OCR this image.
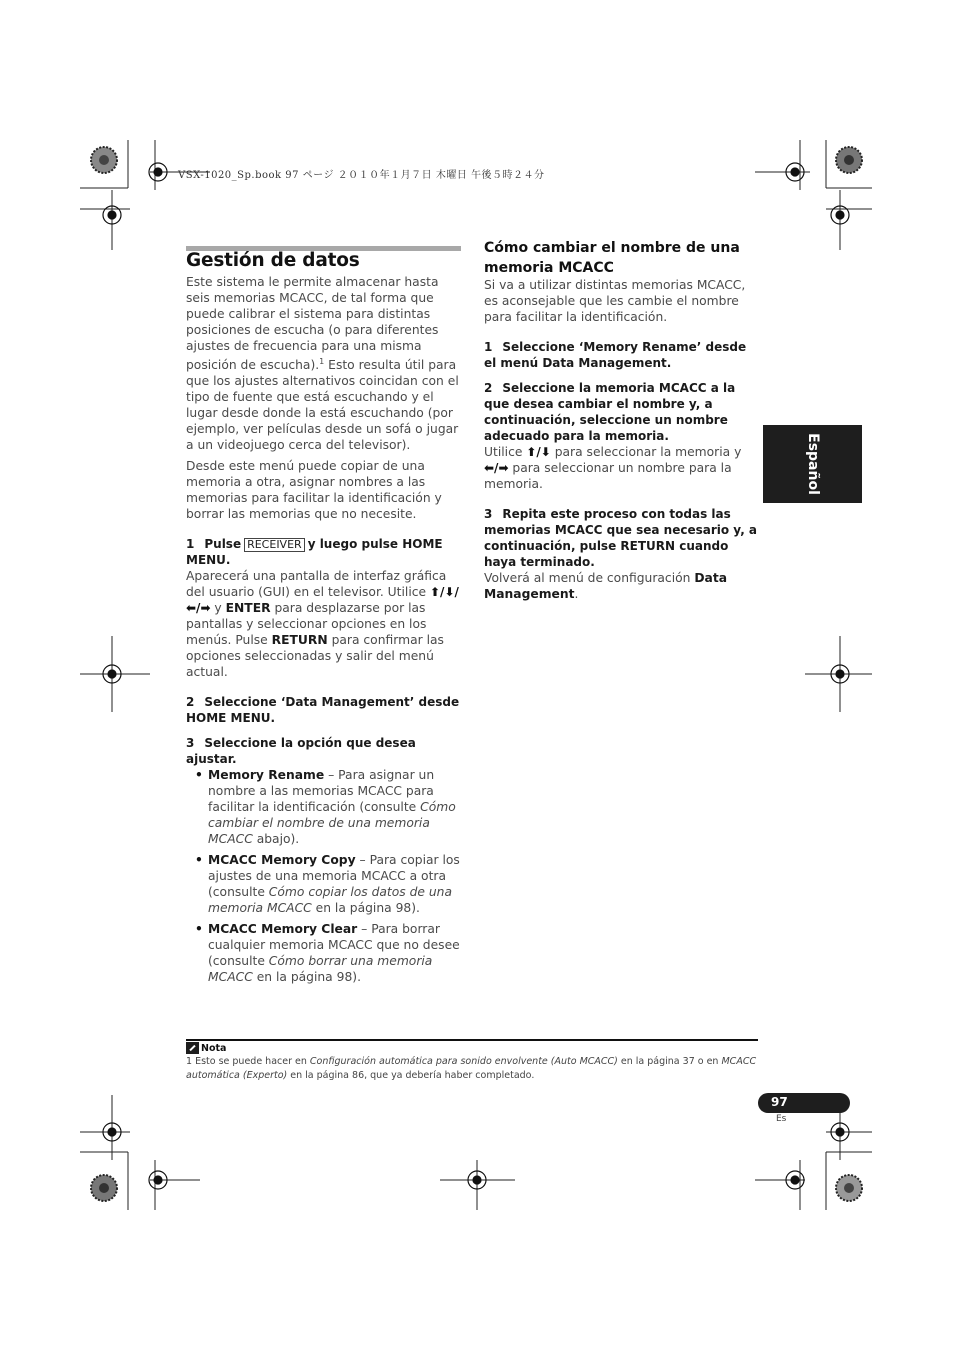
VSX-1020_Sp.book 97 ページ ２０１０年１月７日 木曜日 午後５時２４分
Gestión de datos

Este sistema le permite almacenar hasta seis memorias MCACC, de tal forma que puede calibrar el sistema para distintas posiciones de escucha (o para diferentes ajustes de frecuencia para una misma posición de escucha).$^1$ Esto resulta útil para que los ajustes alternativos coincidan con el tipo de fuente que está escuchando y el lugar desde donde la está escuchando (por ejemplo, ver películas desde un sofá o jugar a un videojuego cerca del televisor).

Desde este menú puede copiar de una memoria a otra, asignar nombres a las memorias para facilitar la identificación y borrar las memorias que no necesite.

1 Pulse RECEIVER y luego pulse HOME MENU.

Aparecerá una pantalla de interfaz gráfica del usuario (GUI) en el televisor. Utilice ⬆/⬇/⬅/➡ y ENTER para desplazarse por las pantallas y seleccionar opciones en los menús. Pulse RETURN para confirmar las opciones seleccionadas y salir del menú actual.

2 Seleccione ‘Data Management’ desde HOME MENU.

3 Seleccione la opción que desea ajustar.

• Memory Rename – Para asignar un nombre a las memorias MCACC para facilitar la identificación (consulte Cómo cambiar el nombre de una memoria MCACC abajo).
• MCACC Memory Copy – Para copiar los ajustes de una memoria MCACC a otra (consulte Cómo copiar los datos de una memoria MCACC en la página 98).
• MCACC Memory Clear – Para borrar cualquier memoria MCACC que no desee (consulte Cómo borrar una memoria MCACC en la página 98).
Cómo cambiar el nombre de una memoria MCACC

Si va a utilizar distintas memorias MCACC, es aconsejable que les cambie el nombre para facilitar la identificación.

1 Seleccione ‘Memory Rename’ desde el menú Data Management.

2 Seleccione la memoria MCACC a la que desea cambiar el nombre y, a continuación, seleccione un nombre adecuado para la memoria.

Utilice ⬆/⬇ para seleccionar la memoria y ⬅/➡ para seleccionar un nombre para la memoria.

3 Repita este proceso con todas las memorias MCACC que sea necesario y, a continuación, pulse RETURN cuando haya terminado.

Volverá al menú de configuración Data Management.

Español
Nota
1 Esto se puede hacer en Configuración automática para sonido envolvente (Auto MCACC) en la página 37 o en MCACC automática (Experto) en la página 86, que ya debería haber completado.
97
Es
